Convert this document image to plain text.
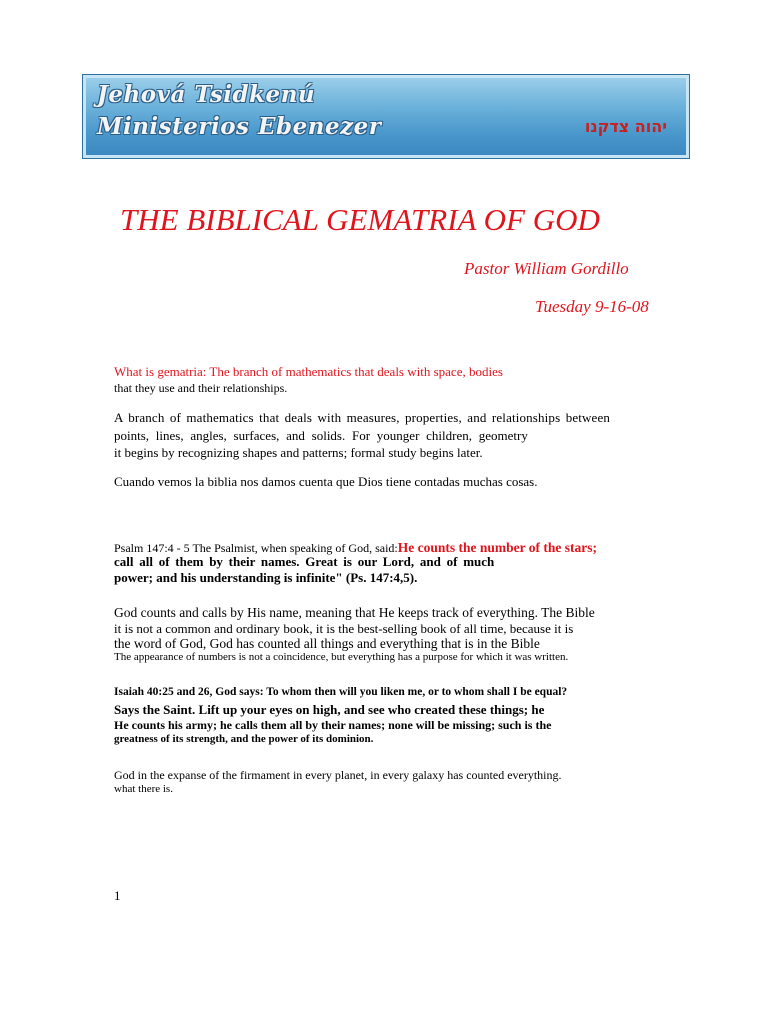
Jehová Tsidkenú
Ministerios Ebenezer	יהוה צדקנו
THE BIBLICAL GEMATRIA OF GOD
Pastor William Gordillo
Tuesday 9-16-08
What is gematria: The branch of mathematics that deals with space, bodies
that they use and their relationships.
A branch of mathematics that deals with measures, properties, and relationships between
points, lines, angles, surfaces, and solids. For younger children, geometry
it begins by recognizing shapes and patterns; formal study begins later.
Cuando vemos la biblia nos damos cuenta que Dios tiene contadas muchas cosas.
Psalm 147:4 - 5 The Psalmist, when speaking of God, said:He counts the number of the stars;
call all of them by their names. Great is our Lord, and of much
power; and his understanding is infinite" (Ps. 147:4,5).
God counts and calls by His name, meaning that He keeps track of everything. The Bible
it is not a common and ordinary book, it is the best-selling book of all time, because it is
the word of God, God has counted all things and everything that is in the Bible
The appearance of numbers is not a coincidence, but everything has a purpose for which it was written.
Isaiah 40:25 and 26, God says: To whom then will you liken me, or to whom shall I be equal?
Says the Saint. Lift up your eyes on high, and see who created these things; he
He counts his army; he calls them all by their names; none will be missing; such is the
greatness of its strength, and the power of its dominion.
God in the expanse of the firmament in every planet, in every galaxy has counted everything.
what there is.
1
